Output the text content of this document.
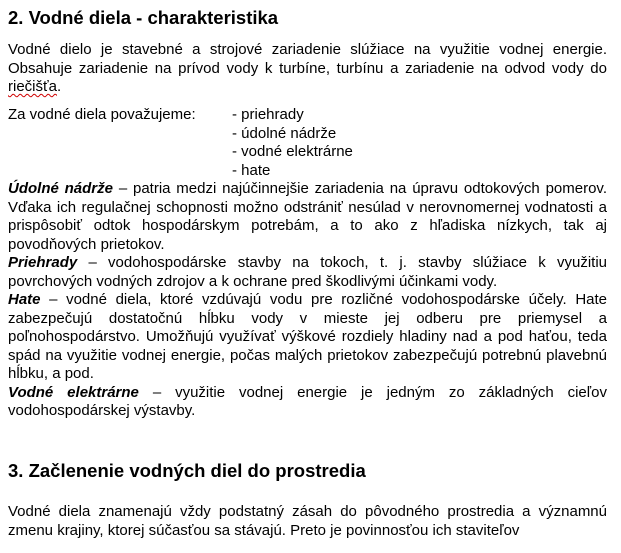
2. Vodné diela - charakteristika

Vodné dielo je stavebné a strojové zariadenie slúžiace na využitie vodnej energie.

Obsahuje zariadenie na prívod vody k turbíne, turbínu a zariadenie na odvod vody do

riečišťa.

Za vodné diela považujeme: - priehrady
- údolné nádrže
- vodné elektrárne
- hate

Údolné nádrže – patria medzi najúčinnejšie zariadenia na úpravu odtokových pomerov. Vďaka ich regulačnej schopnosti možno odstrániť nesúlad v nerovnomernej vodnatosti a prispôsobiť odtok hospodárskym potrebám, a to ako z hľadiska nízkych, tak aj povodňových prietokov.

Priehrady – vodohospodárske stavby na tokoch, t. j. stavby slúžiace k využitiu povrchových vodných zdrojov a k ochrane pred škodlivými účinkami vody.

Hate – vodné diela, ktoré vzdúvajú vodu pre rozličné vodohospodárske účely. Hate zabezpečujú dostatočnú hĺbku vody v mieste jej odberu pre priemysel a poľnohospodárstvo. Umožňujú využívať výškové rozdiely hladiny nad a pod haťou, teda spád na využitie vodnej energie, počas malých prietokov zabezpečujú potrebnú plavebnú hĺbku, a pod.

Vodné elektrárne – využitie vodnej energie je jedným zo základných cieľov vodohospodárskej výstavby.

3. Začlenenie vodných diel do prostredia

Vodné diela znamenajú vždy podstatný zásah do pôvodného prostredia a významnú zmenu krajiny, ktorej súčasťou sa stávajú. Preto je povinnosťou ich staviteľov
